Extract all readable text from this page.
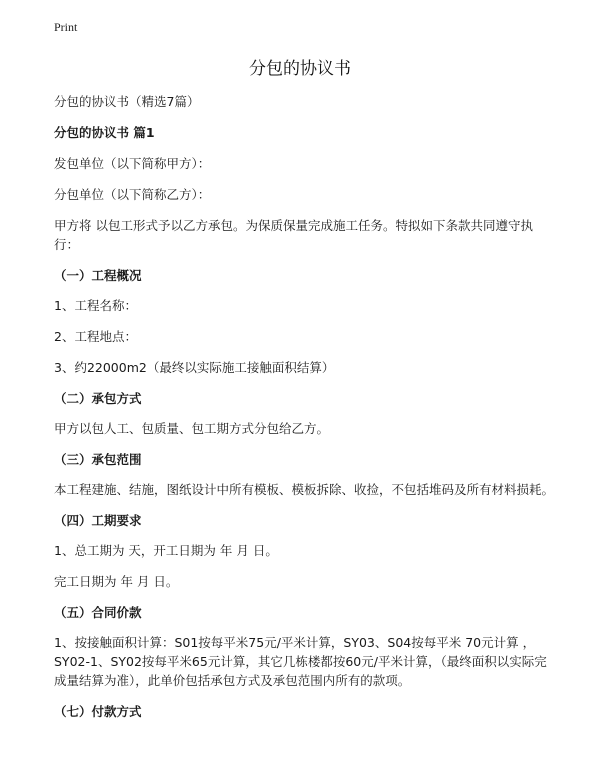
Print
分包的协议书

分包的协议书（精选7篇）

分包的协议书 篇1

发包单位（以下简称甲方）：

分包单位（以下简称乙方）：

甲方将 以包工形式予以乙方承包。为保质保量完成施工任务。特拟如下条款共同遵守执行：

（一）工程概况

1、工程名称：

2、工程地点：

3、约22000m2（最终以实际施工接触面积结算）

（二）承包方式

甲方以包人工、包质量、包工期方式分包给乙方。

（三）承包范围

本工程建施、结施，图纸设计中所有模板、模板拆除、收捡，不包括堆码及所有材料损耗。

（四）工期要求

1、总工期为 天，开工日期为 年 月 日。

完工日期为 年 月 日。

（五）合同价款

1、按接触面积计算：S01按每平米75元/平米计算，SY03、S04按每平米 70元计算 ， SY02-1、SY02按每平米65元计算，其它几栋楼都按60元/平米计算，（最终面积以实际完成量结算为准），此单价包括承包方式及承包范围内所有的款项。

（七）付款方式
